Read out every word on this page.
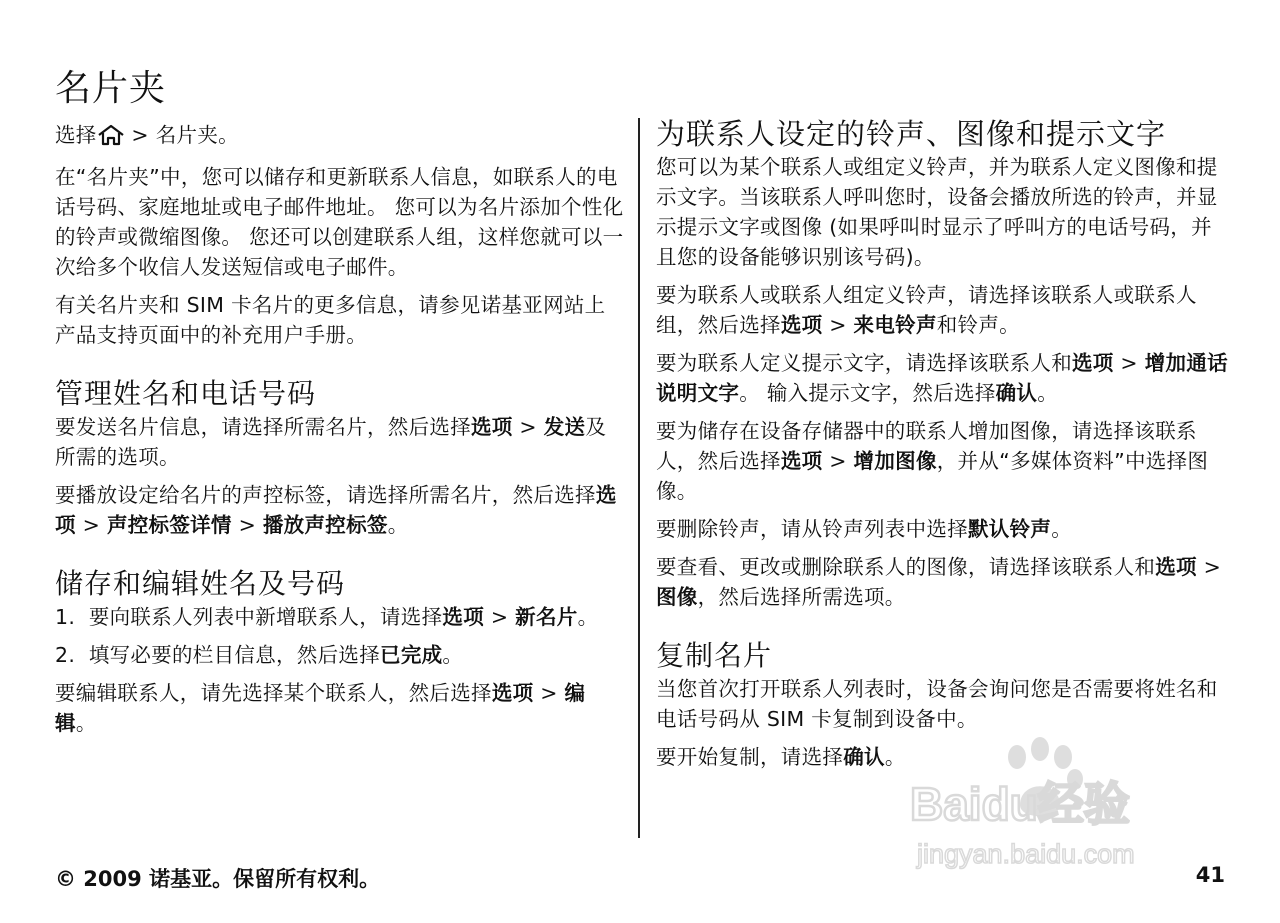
名片夹

选择 > 名片夹。

在“名片夹”中，您可以储存和更新联系人信息，如联系人的电话号码、家庭地址或电子邮件地址。 您可以为名片添加个性化的铃声或微缩图像。 您还可以创建联系人组，这样您就可以一次给多个收信人发送短信或电子邮件。

有关名片夹和 SIM 卡名片的更多信息，请参见诺基亚网站上产品支持页面中的补充用户手册。

管理姓名和电话号码

要发送名片信息，请选择所需名片，然后选择选项 > 发送及所需的选项。

要播放设定给名片的声控标签，请选择所需名片，然后选择选项 > 声控标签详情 > 播放声控标签。

储存和编辑姓名及号码

1. 要向联系人列表中新增联系人，请选择选项 > 新名片。

2. 填写必要的栏目信息，然后选择已完成。

要编辑联系人，请先选择某个联系人，然后选择选项 > 编辑。

为联系人设定的铃声、图像和提示文字

您可以为某个联系人或组定义铃声，并为联系人定义图像和提示文字。当该联系人呼叫您时，设备会播放所选的铃声，并显示提示文字或图像 (如果呼叫时显示了呼叫方的电话号码，并且您的设备能够识别该号码)。

要为联系人或联系人组定义铃声，请选择该联系人或联系人组，然后选择选项 > 来电铃声和铃声。

要为联系人定义提示文字，请选择该联系人和选项 > 增加通话说明文字。 输入提示文字，然后选择确认。

要为储存在设备存储器中的联系人增加图像，请选择该联系人，然后选择选项 > 增加图像，并从“多媒体资料”中选择图像。

要删除铃声，请从铃声列表中选择默认铃声。

要查看、更改或删除联系人的图像，请选择该联系人和选项 > 图像，然后选择所需选项。

复制名片

当您首次打开联系人列表时，设备会询问您是否需要将姓名和电话号码从 SIM 卡复制到设备中。

要开始复制，请选择确认。

© 2009 诺基亚。保留所有权利。	41
Baidu经验
jingyan.baidu.com
